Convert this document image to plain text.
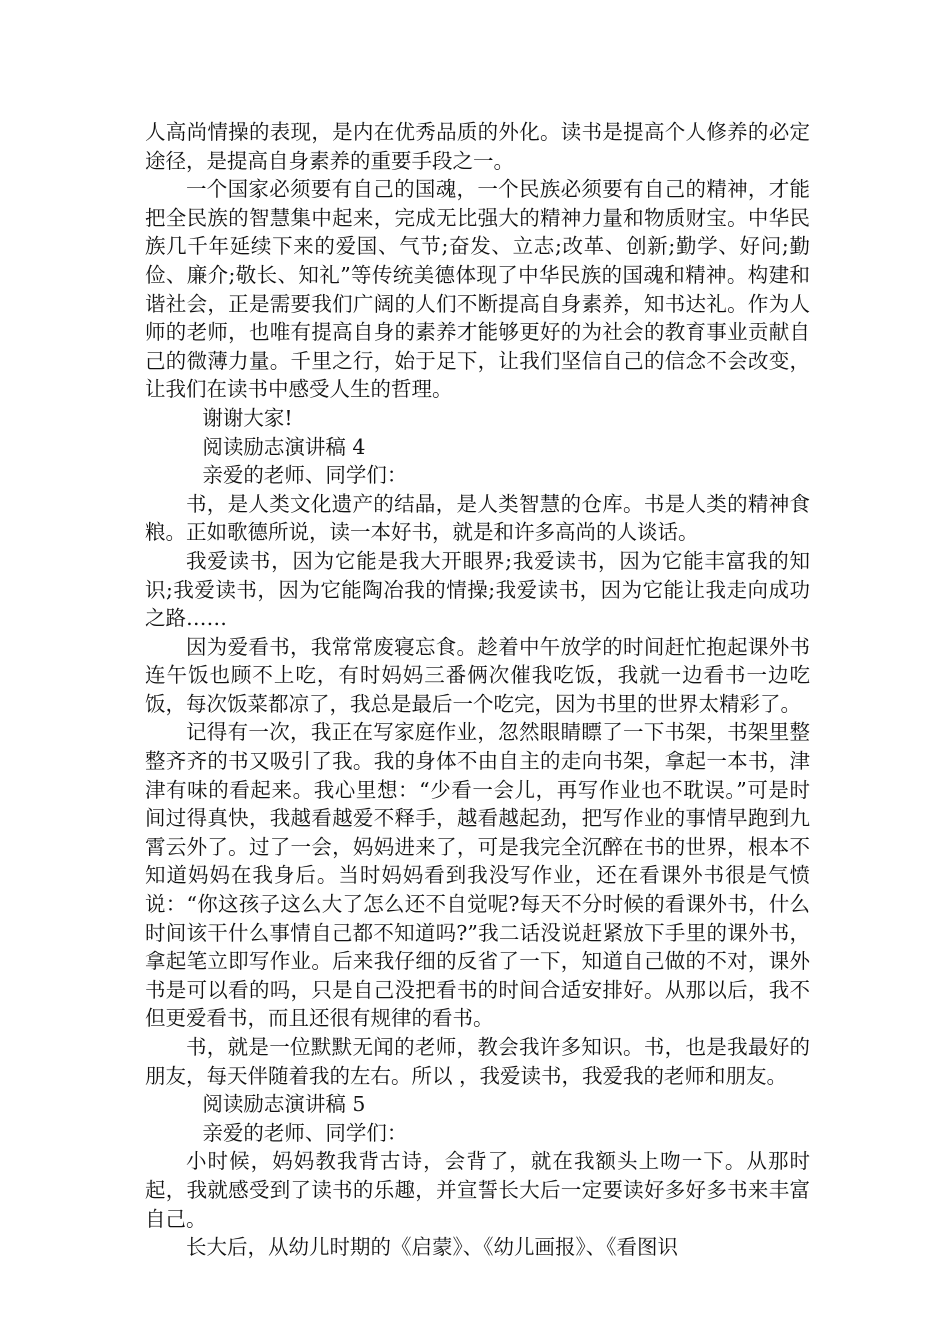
人高尚情操的表现，是内在优秀品质的外化。读书是提高个人修养的必定途径，是提高自身素养的重要手段之一。

一个国家必须要有自己的国魂，一个民族必须要有自己的精神，才能把全民族的智慧集中起来，完成无比强大的精神力量和物质财宝。中华民族几千年延续下来的爱国、气节;奋发、立志;改革、创新;勤学、好问;勤俭、廉介;敬长、知礼”等传统美德体现了中华民族的国魂和精神。构建和谐社会，正是需要我们广阔的人们不断提高自身素养，知书达礼。作为人师的老师，也唯有提高自身的素养才能够更好的为社会的教育事业贡献自己的微薄力量。千里之行，始于足下，让我们坚信自己的信念不会改变，让我们在读书中感受人生的哲理。

谢谢大家!

阅读励志演讲稿 4

亲爱的老师、同学们：

书，是人类文化遗产的结晶，是人类智慧的仓库。书是人类的精神食粮。正如歌德所说，读一本好书，就是和许多高尚的人谈话。

我爱读书，因为它能是我大开眼界;我爱读书，因为它能丰富我的知识;我爱读书，因为它能陶冶我的情操;我爱读书，因为它能让我走向成功之路……

因为爱看书，我常常废寝忘食。趁着中午放学的时间赶忙抱起课外书连午饭也顾不上吃，有时妈妈三番俩次催我吃饭，我就一边看书一边吃饭，每次饭菜都凉了，我总是最后一个吃完，因为书里的世界太精彩了。

记得有一次，我正在写家庭作业，忽然眼睛瞟了一下书架，书架里整整齐齐的书又吸引了我。我的身体不由自主的走向书架，拿起一本书，津津有味的看起来。我心里想：“少看一会儿，再写作业也不耽误。”可是时间过得真快，我越看越爱不释手，越看越起劲，把写作业的事情早跑到九霄云外了。过了一会，妈妈进来了，可是我完全沉醉在书的世界，根本不知道妈妈在我身后。当时妈妈看到我没写作业，还在看课外书很是气愤说：“你这孩子这么大了怎么还不自觉呢?每天不分时候的看课外书，什么时间该干什么事情自己都不知道吗?”我二话没说赶紧放下手里的课外书，拿起笔立即写作业。后来我仔细的反省了一下，知道自己做的不对，课外书是可以看的吗，只是自己没把看书的时间合适安排好。从那以后，我不但更爱看书，而且还很有规律的看书。

书，就是一位默默无闻的老师，教会我许多知识。书，也是我最好的朋友，每天伴随着我的左右。所以 ，我爱读书，我爱我的老师和朋友。

阅读励志演讲稿 5

亲爱的老师、同学们：

小时候，妈妈教我背古诗，会背了，就在我额头上吻一下。从那时起，我就感受到了读书的乐趣，并宣誓长大后一定要读好多好多书来丰富自己。

长大后，从幼儿时期的《启蒙》、《幼儿画报》、《看图识
